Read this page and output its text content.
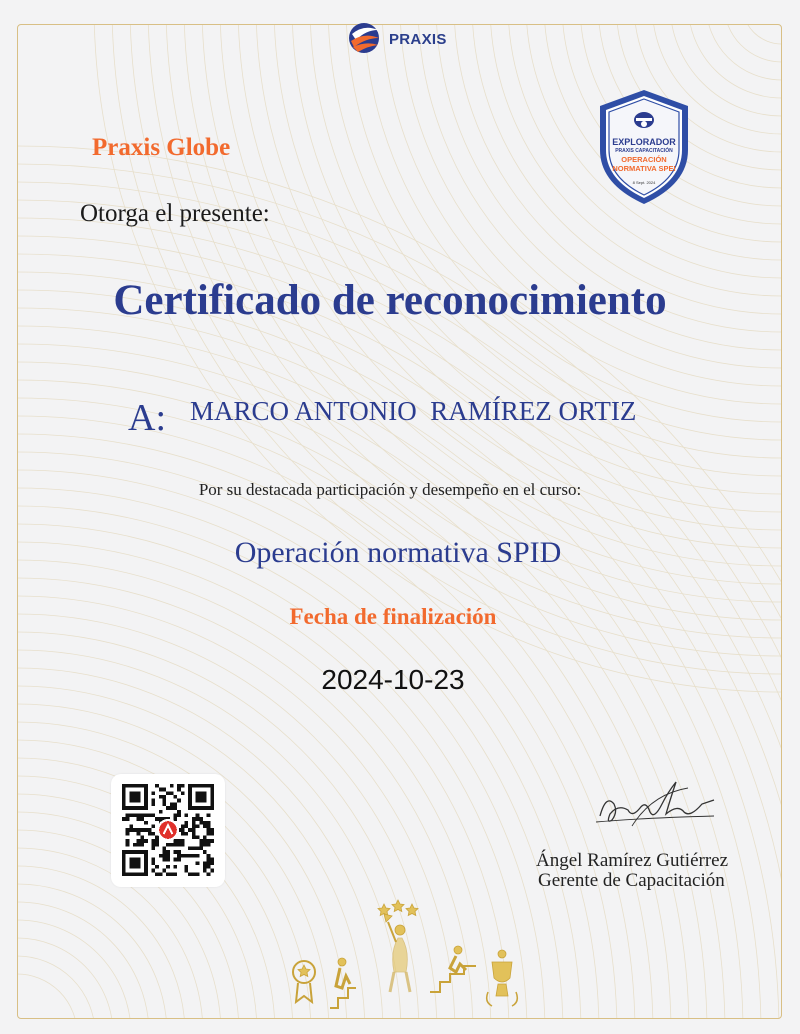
PRAXIS
EXPLORADOR
PRAXIS CAPACITACIÓN
OPERACIÓN
NORMATIVA SPEI
8 Sept. 2024
Praxis Globe
Otorga el presente:
Certificado de reconocimiento
A: MARCO ANTONIO  RAMÍREZ ORTIZ
Por su destacada participación y desempeño en el curso:
Operación normativa SPID
Fecha de finalización
2024-10-23
Ángel Ramírez Gutiérrez
Gerente de Capacitación
